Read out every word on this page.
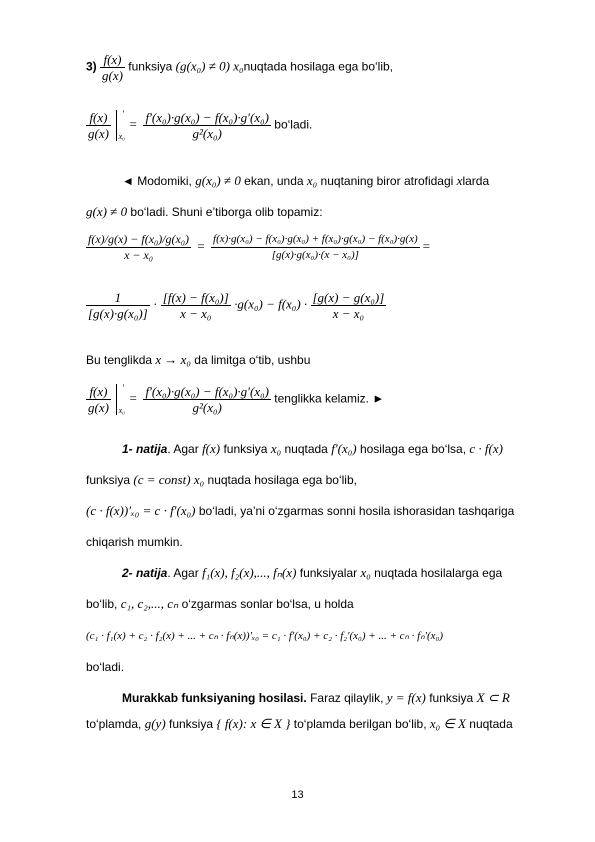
$3) \frac{f(x)}{g(x)}$ funksiya (g(x₀) ≠ 0) x₀nuqtada hosilaga ega bo‘lib,
$\frac{f(x)}{g(x)}$ ′
x₀
= $\frac{\text{f′(x₀)·g(x₀) − f(x₀)·g′(x₀)}}{\text{g²(x₀)}}$ bo‘ladi.
◄ Modomiki, g(x₀) ≠ 0 ekan, unda x₀ nuqtaning biror atrofidagi xlarda
g(x) ≠ 0 bo‘ladi. Shuni e’tiborga olib topamiz:
$\frac{\text{f(x)/g(x) − f(x₀)/g(x₀)}}{\text{x − x₀}} = \frac{\text{f(x)·g(x₀) − f(x₀)·g(x₀) + f(x₀)·g(x₀) − f(x₀)·g(x)}}{\text{[g(x)·g(x₀)·(x − x₀)]}}$ =
$\frac{1}{\text{[g(x)·g(x₀)]}} \cdot \frac{\text{[f(x) − f(x₀)]}}{\text{x − x₀}} \cdot g(x_0) - f(x_0) \cdot \frac{\text{[g(x) − g(x₀)]}}{\text{x − x₀}}$
Bu tenglikda x → x₀ da limitga o‘tib, ushbu
$\frac{f(x)}{g(x)}$ ′
x₀
= $\frac{\text{f′(x₀)·g(x₀) − f(x₀)·g′(x₀)}}{\text{g²(x₀)}}$ tenglikka kelamiz. ►
1- natija. Agar f(x) funksiya x₀ nuqtada f′(x₀) hosilaga ega bo‘lsa, c · f(x)
funksiya (c = const) x₀ nuqtada hosilaga ega bo‘lib,
(c · f(x))′ₓ₀ = c · f′(x₀) bo‘ladi, ya’ni o‘zgarmas sonni hosila ishorasidan tashqariga
chiqarish mumkin.
2- natija. Agar f₁(x), f₂(x),..., fₙ(x) funksiyalar x₀ nuqtada hosilalarga ega
bo‘lib, c₁, c₂,..., cₙ o‘zgarmas sonlar bo‘lsa, u holda
(c₁ · f₁(x) + c₂ · f₂(x) + ... + cₙ · fₙ(x))′ₓ₀ = c₁ · f′(x₀) + c₂ · f₂′(x₀) + ... + cₙ · fₙ′(x₀)
bo‘ladi.
Murakkab funksiyaning hosilasi. Faraz qilaylik, y = f(x) funksiya X ⊂ R
to‘plamda, g(y) funksiya { f(x): x ∈ X } to‘plamda berilgan bo‘lib, x₀ ∈ X nuqtada
13
